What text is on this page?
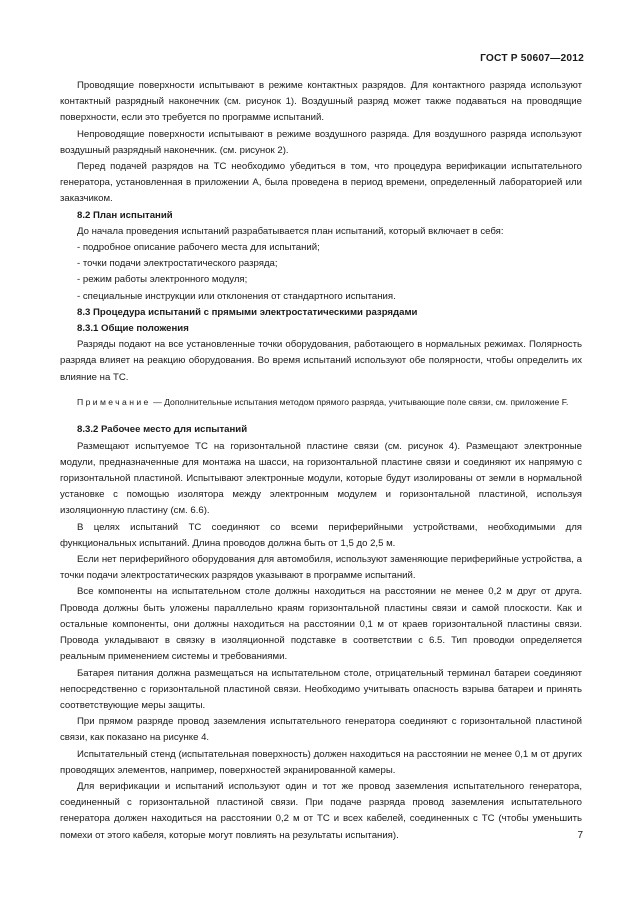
ГОСТ Р 50607—2012

Проводящие поверхности испытывают в режиме контактных разрядов. Для контактного разряда используют контактный разрядный наконечник (см. рисунок 1). Воздушный разряд может также подаваться на проводящие поверхности, если это требуется по программе испытаний.

Непроводящие поверхности испытывают в режиме воздушного разряда. Для воздушного разряда используют воздушный разрядный наконечник. (см. рисунок 2).

Перед подачей разрядов на ТС необходимо убедиться в том, что процедура верификации испытательного генератора, установленная в приложении А, была проведена в период времени, определенный лабораторией или заказчиком.

8.2 План испытаний

До начала проведения испытаний разрабатывается план испытаний, который включает в себя:

- подробное описание рабочего места для испытаний;

- точки подачи электростатического разряда;

- режим работы электронного модуля;

- специальные инструкции или отклонения от стандартного испытания.

8.3 Процедура испытаний с прямыми электростатическими разрядами

8.3.1 Общие положения

Разряды подают на все установленные точки оборудования, работающего в нормальных режимах. Полярность разряда влияет на реакцию оборудования. Во время испытаний используют обе полярности, чтобы определить их влияние на ТС.

Примечание — Дополнительные испытания методом прямого разряда, учитывающие поле связи, см. приложение F.

8.3.2 Рабочее место для испытаний

Размещают испытуемое ТС на горизонтальной пластине связи (см. рисунок 4). Размещают электронные модули, предназначенные для монтажа на шасси, на горизонтальной пластине связи и соединяют их напрямую с горизонтальной пластиной. Испытывают электронные модули, которые будут изолированы от земли в нормальной установке с помощью изолятора между электронным модулем и горизонтальной пластиной, используя изоляционную пластину (см. 6.6).

В целях испытаний ТС соединяют со всеми периферийными устройствами, необходимыми для функциональных испытаний. Длина проводов должна быть от 1,5 до 2,5 м.

Если нет периферийного оборудования для автомобиля, используют заменяющие периферийные устройства, а точки подачи электростатических разрядов указывают в программе испытаний.

Все компоненты на испытательном столе должны находиться на расстоянии не менее 0,2 м друг от друга. Провода должны быть уложены параллельно краям горизонтальной пластины связи и самой плоскости. Как и остальные компоненты, они должны находиться на расстоянии 0,1 м от краев горизонтальной пластины связи. Провода укладывают в связку в изоляционной подставке в соответствии с 6.5. Тип проводки определяется реальным применением системы и требованиями.

Батарея питания должна размещаться на испытательном столе, отрицательный терминал батареи соединяют непосредственно с горизонтальной пластиной связи. Необходимо учитывать опасность взрыва батареи и принять соответствующие меры защиты.

При прямом разряде провод заземления испытательного генератора соединяют с горизонтальной пластиной связи, как показано на рисунке 4.

Испытательный стенд (испытательная поверхность) должен находиться на расстоянии не менее 0,1 м от других проводящих элементов, например, поверхностей экранированной камеры.

Для верификации и испытаний используют один и тот же провод заземления испытательного генератора, соединенный с горизонтальной пластиной связи. При подаче разряда провод заземления испытательного генератора должен находиться на расстоянии 0,2 м от ТС и всех кабелей, соединенных с ТС (чтобы уменьшить помехи от этого кабеля, которые могут повлиять на результаты испытания).	7
